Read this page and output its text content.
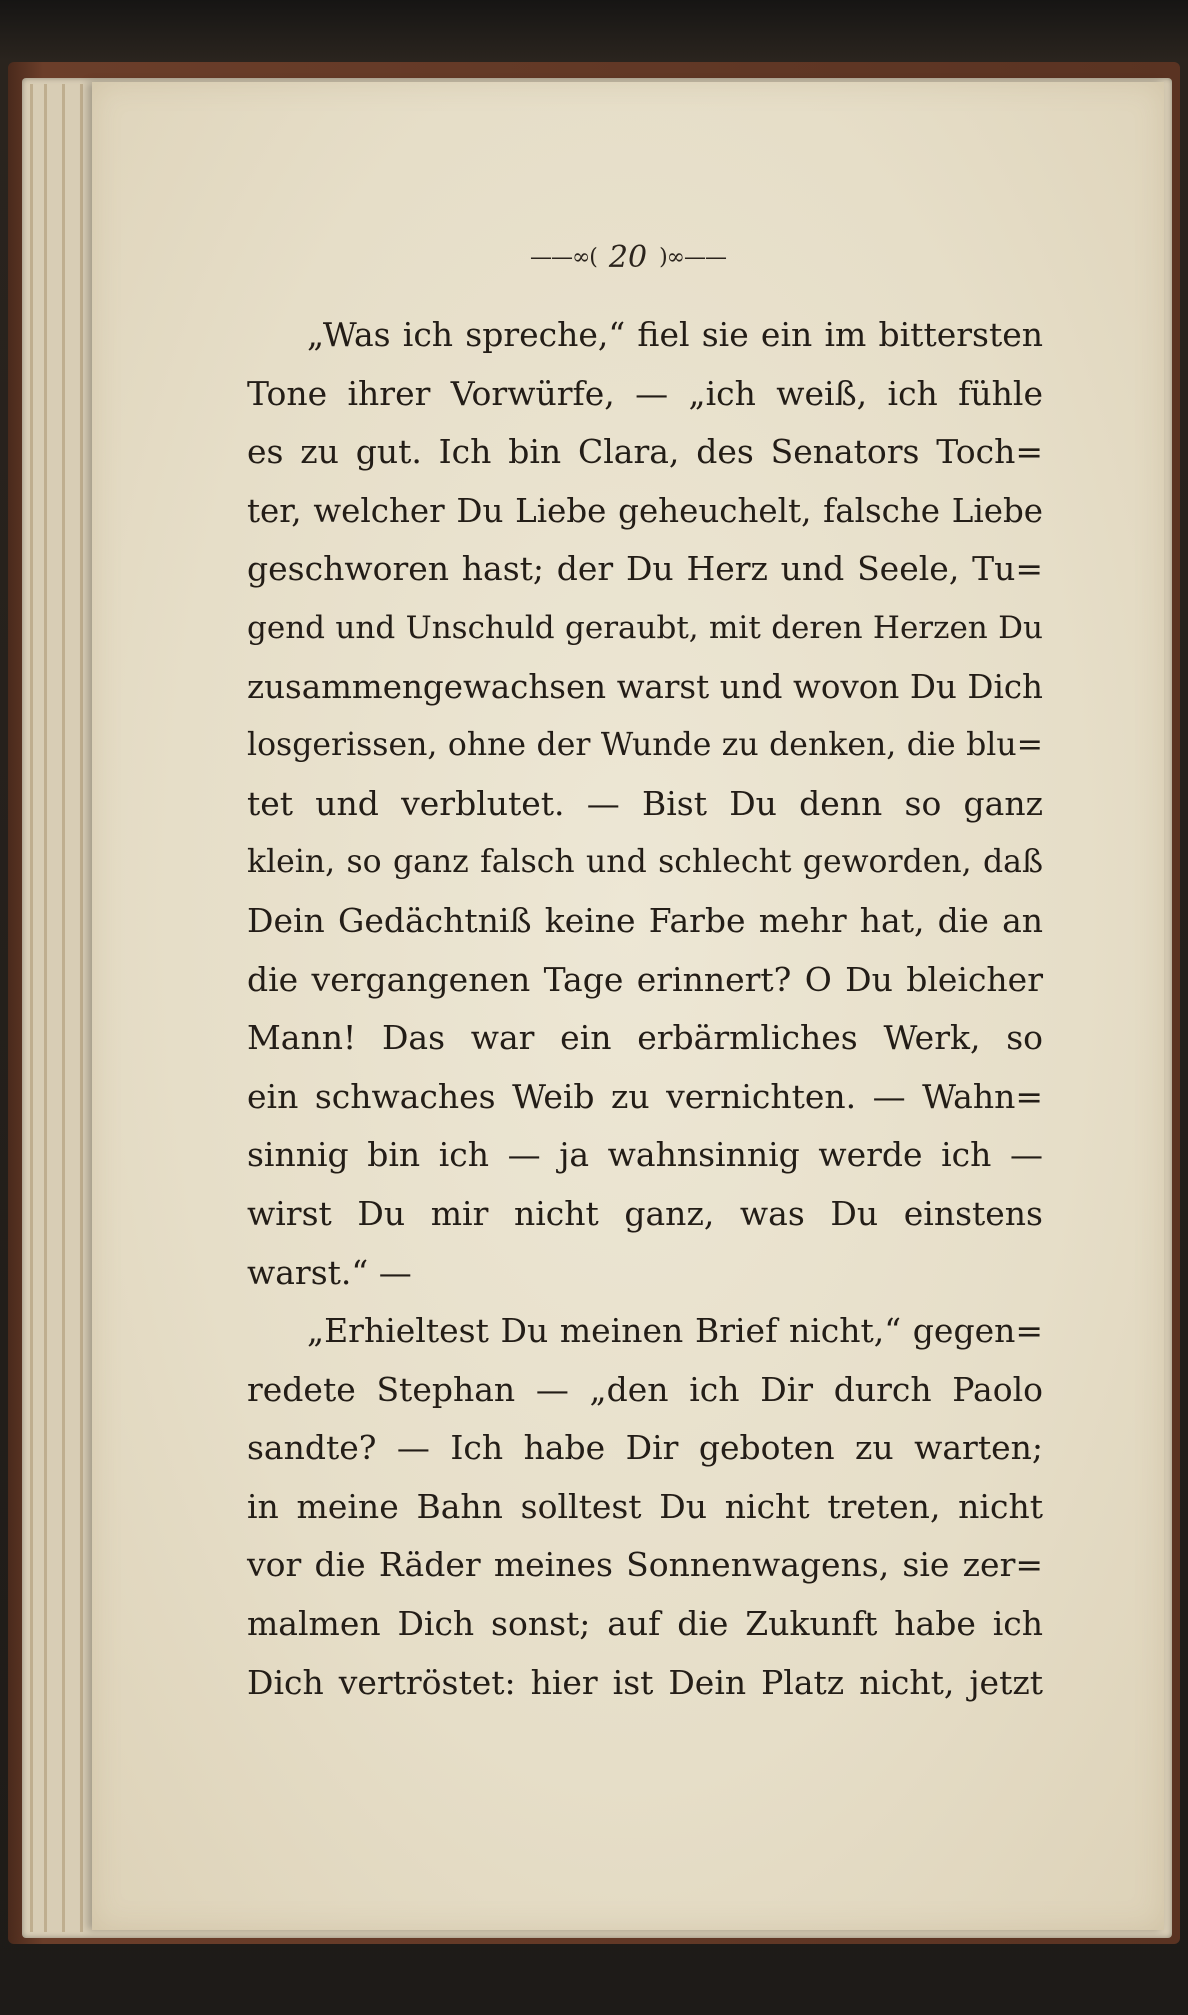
——∞( 20 )∞——
„Was ich spreche,“ fiel sie ein im bittersten
Tone ihrer Vorwürfe, — „ich weiß, ich fühle
es zu gut. Ich bin Clara, des Senators Toch=
ter, welcher Du Liebe geheuchelt, falsche Liebe
geschworen hast; der Du Herz und Seele, Tu=
gend und Unschuld geraubt, mit deren Herzen Du
zusammengewachsen warst und wovon Du Dich
losgerissen, ohne der Wunde zu denken, die blu=
tet und verblutet. — Bist Du denn so ganz
klein, so ganz falsch und schlecht geworden, daß
Dein Gedächtniß keine Farbe mehr hat, die an
die vergangenen Tage erinnert? O Du bleicher
Mann! Das war ein erbärmliches Werk, so
ein schwaches Weib zu vernichten. — Wahn=
sinnig bin ich — ja wahnsinnig werde ich —
wirst Du mir nicht ganz, was Du einstens
warst.“ —
„Erhieltest Du meinen Brief nicht,“ gegen=
redete Stephan — „den ich Dir durch Paolo
sandte? — Ich habe Dir geboten zu warten;
in meine Bahn solltest Du nicht treten, nicht
vor die Räder meines Sonnenwagens, sie zer=
malmen Dich sonst; auf die Zukunft habe ich
Dich vertröstet: hier ist Dein Platz nicht, jetzt
